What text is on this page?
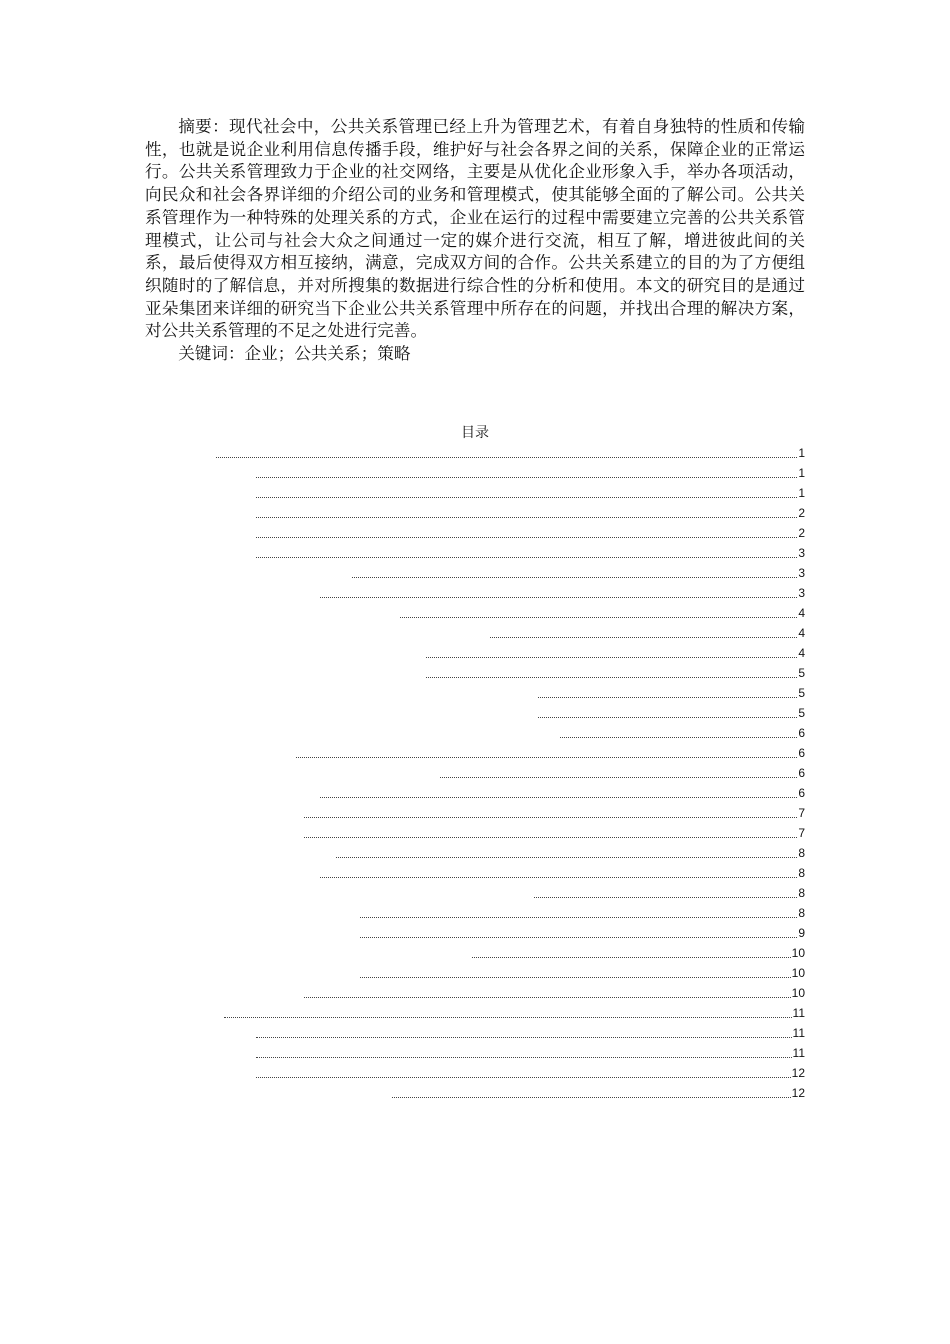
摘要：现代社会中，公共关系管理已经上升为管理艺术，有着自身独特的性质和传输性，也就是说企业利用信息传播手段，维护好与社会各界之间的关系，保障企业的正常运行。公共关系管理致力于企业的社交网络，主要是从优化企业形象入手，举办各项活动，向民众和社会各界详细的介绍公司的业务和管理模式，使其能够全面的了解公司。公共关系管理作为一种特殊的处理关系的方式，企业在运行的过程中需要建立完善的公共关系管理模式，让公司与社会大众之间通过一定的媒介进行交流，相互了解，增进彼此间的关系，最后使得双方相互接纳，满意，完成双方间的合作。公共关系建立的目的为了方便组织随时的了解信息，并对所搜集的数据进行综合性的分析和使用。本文的研究目的是通过亚朵集团来详细的研究当下企业公共关系管理中所存在的问题，并找出合理的解决方案，对公共关系管理的不足之处进行完善。

关键词：企业；公共关系；策略

目录
1
1
1
2
2
3
3
3
4
4
4
5
5
5
6
6
6
6
7
7
8
8
8
8
9
10
10
10
11
11
11
12
12
